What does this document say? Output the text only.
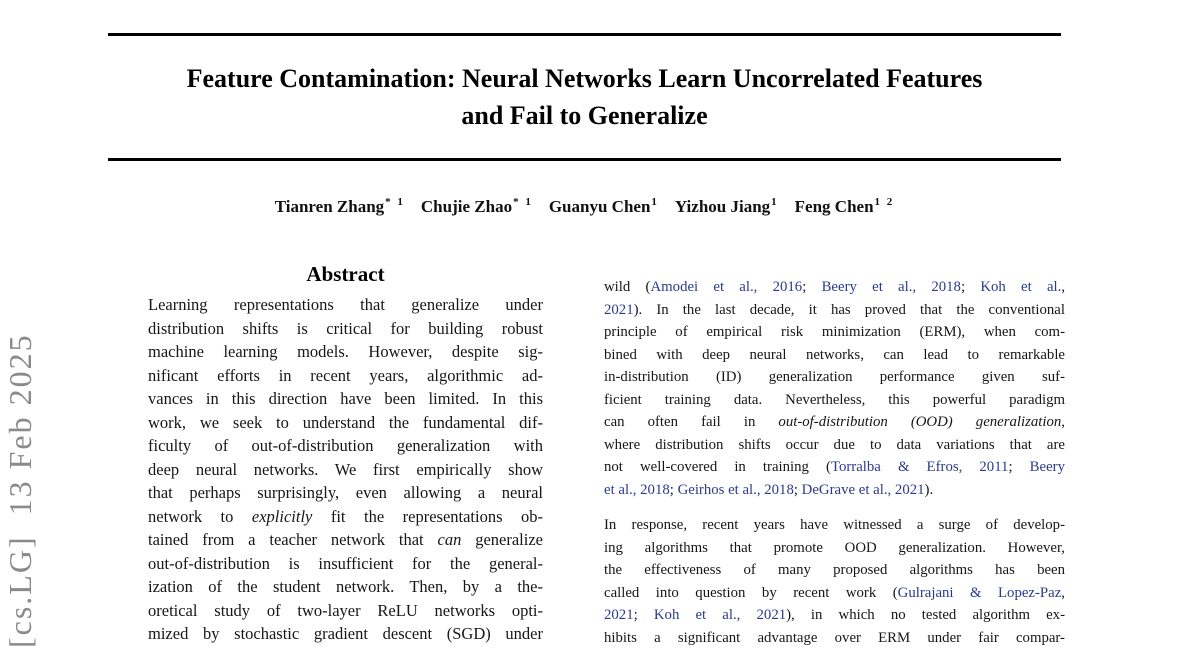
[cs.LG]  13 Feb 2025
Feature Contamination: Neural Networks Learn Uncorrelated Features
and Fail to Generalize
Tianren Zhang$^{* 1}$ Chujie Zhao$^{* 1}$ Guanyu Chen$^1$ Yizhou Jiang$^1$ Feng Chen$^{1 2}$
Abstract
Learning representations that generalize under
distribution shifts is critical for building robust
machine learning models. However, despite sig-
nificant efforts in recent years, algorithmic ad-
vances in this direction have been limited. In this
work, we seek to understand the fundamental dif-
ficulty of out-of-distribution generalization with
deep neural networks. We first empirically show
that perhaps surprisingly, even allowing a neural
network to explicitly fit the representations ob-
tained from a teacher network that can generalize
out-of-distribution is insufficient for the general-
ization of the student network. Then, by a the-
oretical study of two-layer ReLU networks opti-
mized by stochastic gradient descent (SGD) under
wild (Amodei et al., 2016; Beery et al., 2018; Koh et al.,
2021). In the last decade, it has proved that the conventional
principle of empirical risk minimization (ERM), when com-
bined with deep neural networks, can lead to remarkable
in-distribution (ID) generalization performance given suf-
ficient training data. Nevertheless, this powerful paradigm
can often fail in out-of-distribution (OOD) generalization,
where distribution shifts occur due to data variations that are
not well-covered in training (Torralba & Efros, 2011; Beery
et al., 2018; Geirhos et al., 2018; DeGrave et al., 2021).
In response, recent years have witnessed a surge of develop-
ing algorithms that promote OOD generalization. However,
the effectiveness of many proposed algorithms has been
called into question by recent work (Gulrajani & Lopez-Paz,
2021; Koh et al., 2021), in which no tested algorithm ex-
hibits a significant advantage over ERM under fair compar-
